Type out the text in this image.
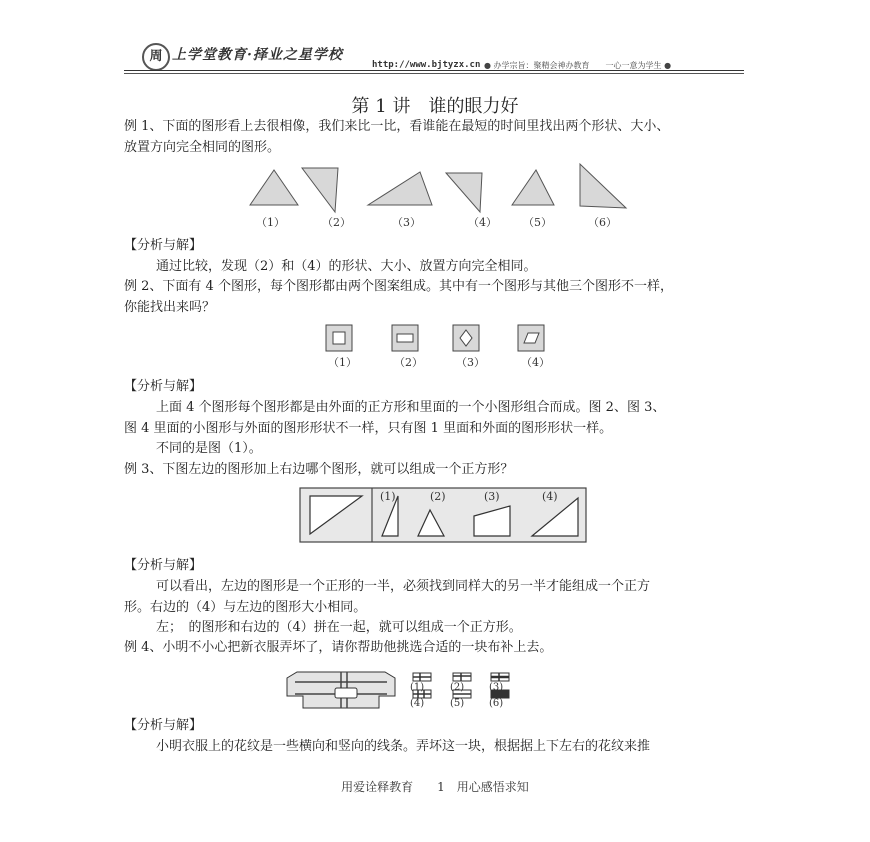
周 上学堂教育·择业之星学校
http://www.bjtyzx.cn ● 办学宗旨：聚精会神办教育　　一心一意为学生 ●
第 1 讲　谁的眼力好
例 1、下面的图形看上去很相像，我们来比一比，看谁能在最短的时间里找出两个形状、大小、
放置方向完全相同的图形。
（1）	（2）	（3）	（4） （5）	（6）
【分析与解】
通过比较，发现（2）和（4）的形状、大小、放置方向完全相同。
例 2、下面有 4 个图形，每个图形都由两个图案组成。其中有一个图形与其他三个图形不一样，
你能找出来吗？
（1）	（2）	（3）	（4）
【分析与解】
上面 4 个图形每个图形都是由外面的正方形和里面的一个小图形组合而成。图 2、图 3、
图 4 里面的小图形与外面的图形形状不一样，只有图 1 里面和外面的图形形状一样。
不同的是图（1）。
例 3、下图左边的图形加上右边哪个图形，就可以组成一个正方形？
(1)	(2)	(3)	(4)
【分析与解】
可以看出，左边的图形是一个正形的一半，必须找到同样大的另一半才能组成一个正方
形。右边的（4）与左边的图形大小相同。
左；　的图形和右边的（4）拼在一起，就可以组成一个正方形。
例 4、小明不小心把新衣服弄坏了，请你帮助他挑选合适的一块布补上去。
(1)	(2) (3)
(4)	(5) (6)
【分析与解】
小明衣服上的花纹是一些横向和竖向的线条。弄坏这一块，根据据上下左右的花纹来推
用爱诠释教育　　1　用心感悟求知
